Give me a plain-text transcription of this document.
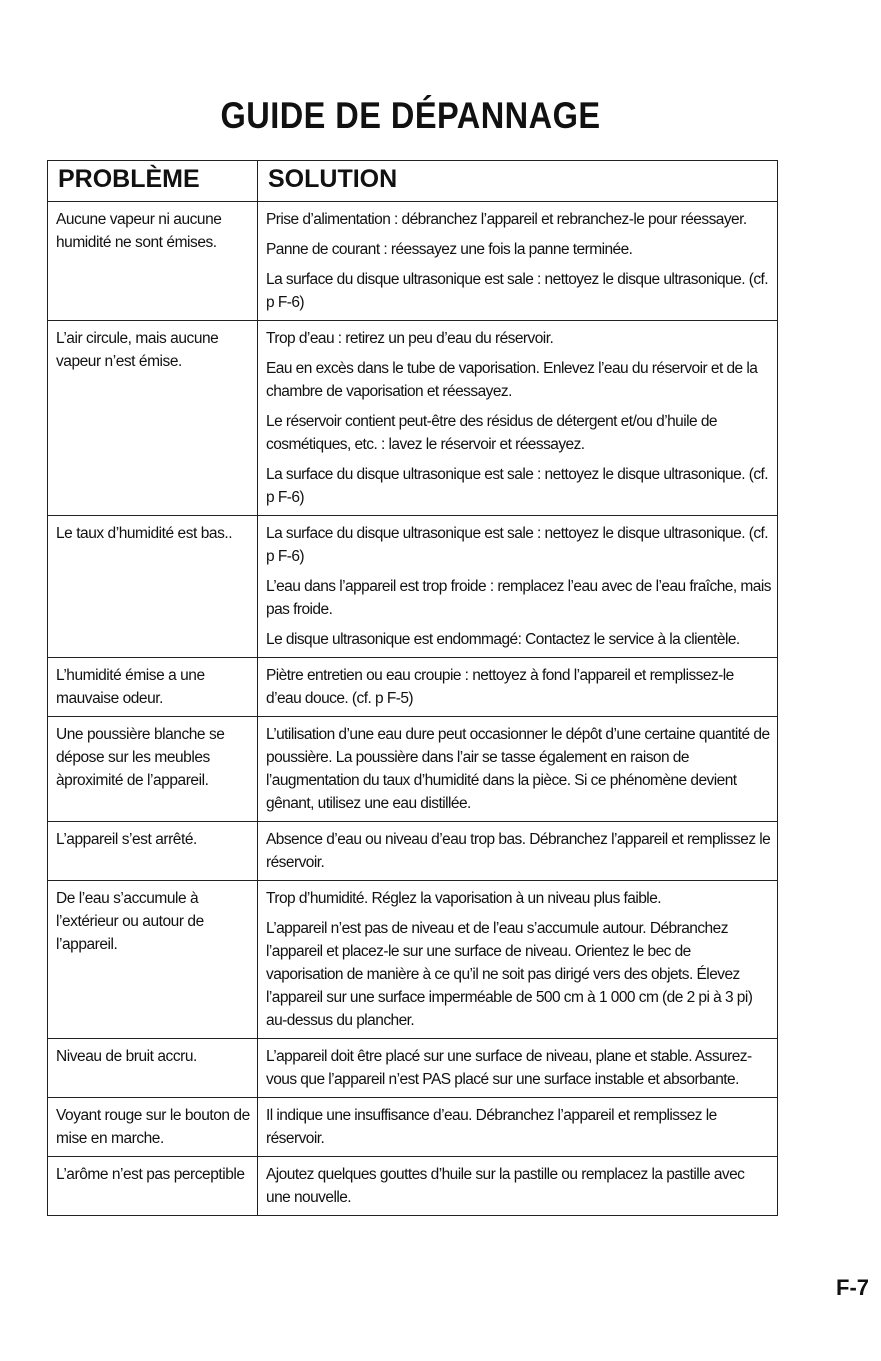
GUIDE DE DÉPANNAGE
PROBLÈME	SOLUTION

Aucune vapeur ni aucune humidité ne sont émises.	Prise d’alimentation : débranchez l’appareil et rebranchez-le pour réessayer.

Panne de courant : réessayez une fois la panne terminée.

La surface du disque ultrasonique est sale : nettoyez le disque ultrasonique. (cf. p F-6)

L’air circule, mais aucune vapeur n’est émise.	Trop d’eau : retirez un peu d’eau du réservoir.

Eau en excès dans le tube de vaporisation. Enlevez l’eau du réservoir et de la chambre de vaporisation et réessayez.

Le réservoir contient peut-être des résidus de détergent et/ou d’huile de cosmétiques, etc. : lavez le réservoir et réessayez.

La surface du disque ultrasonique est sale : nettoyez le disque ultrasonique. (cf. p F-6)

Le taux d’humidité est bas..	La surface du disque ultrasonique est sale : nettoyez le disque ultrasonique. (cf. p F-6)

L’eau dans l’appareil est trop froide : remplacez l’eau avec de l’eau fraîche, mais pas froide.

Le disque ultrasonique est endommagé: Contactez le service à la clientèle.

L’humidité émise a une mauvaise odeur.	Piètre entretien ou eau croupie : nettoyez à fond l’appareil et remplissez-le d’eau douce. (cf. p F-5)

Une poussière blanche se dépose sur les meubles àproximité de l’appareil.	L’utilisation d’une eau dure peut occasionner le dépôt d’une certaine quantité de poussière. La poussière dans l’air se tasse également en raison de l’augmentation du taux d’humidité dans la pièce. Si ce phénomène devient gênant, utilisez une eau distillée.

L’appareil s’est arrêté.	Absence d’eau ou niveau d’eau trop bas. Débranchez l’appareil et remplissez le réservoir.

De l’eau s’accumule à l’extérieur ou autour de l’appareil.	Trop d’humidité. Réglez la vaporisation à un niveau plus faible.

L’appareil n’est pas de niveau et de l’eau s’accumule autour. Débranchez l’appareil et placez-le sur une surface de niveau. Orientez le bec de vaporisation de manière à ce qu’il ne soit pas dirigé vers des objets. Élevez l’appareil sur une surface imperméable de 500 cm à 1 000 cm (de 2 pi à 3 pi) au-dessus du plancher.

Niveau de bruit accru.	L’appareil doit être placé sur une surface de niveau, plane et stable. Assurez-vous que l’appareil n’est PAS placé sur une surface instable et absorbante.

Voyant rouge sur le bouton de mise en marche.	Il indique une insuffisance d’eau. Débranchez l’appareil et remplissez le réservoir.

L’arôme n’est pas perceptible	Ajoutez quelques gouttes d’huile sur la pastille ou remplacez la pastille avec une nouvelle.

F-7
